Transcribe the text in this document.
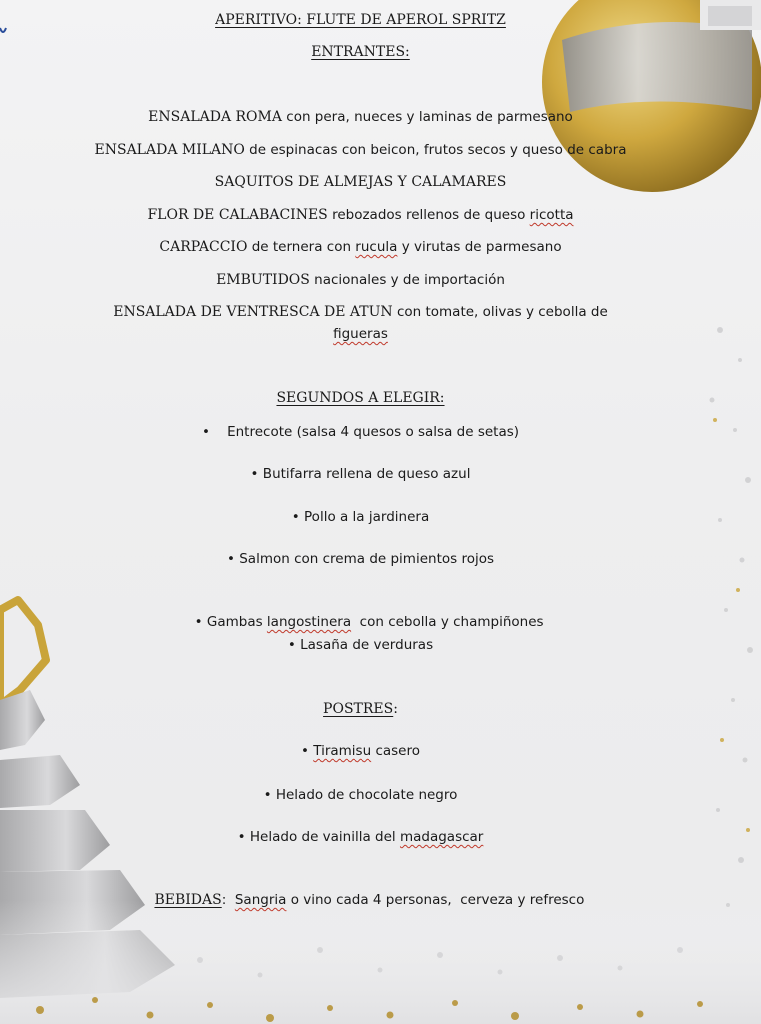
APERITIVO: FLUTE DE APEROL SPRITZ
ENTRANTES:
ENSALADA ROMA con pera, nueces y laminas de parmesano
ENSALADA MILANO de espinacas con beicon, frutos secos y queso de cabra
SAQUITOS DE ALMEJAS Y CALAMARES
FLOR DE CALABACINES rebozados rellenos de queso ricotta
CARPACCIO de ternera con rucula y virutas de parmesano
EMBUTIDOS nacionales y de importación
ENSALADA DE VENTRESCA DE ATUN con tomate, olivas y cebolla de
figueras
SEGUNDOS A ELEGIR:
•    Entrecote (salsa 4 quesos o salsa de setas)
• Butifarra rellena de queso azul
• Pollo a la jardinera
• Salmon con crema de pimientos rojos

• Gambas langostinera  con cebolla y champiñones

• Lasaña de verduras
POSTRES:
• Tiramisu casero
• Helado de chocolate negro
• Helado de vainilla del madagascar

BEBIDAS:  Sangria o vino cada 4 personas,  cerveza y refresco
